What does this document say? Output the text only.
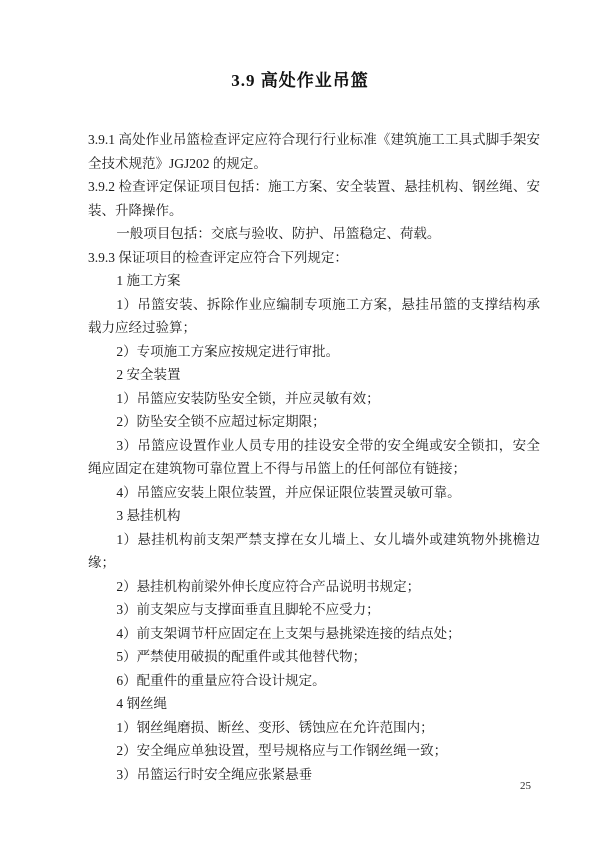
3.9 高处作业吊篮

3.9.1 高处作业吊篮检查评定应符合现行行业标准《建筑施工工具式脚手架安全技术规范》JGJ202 的规定。

3.9.2 检查评定保证项目包括：施工方案、安全装置、悬挂机构、钢丝绳、安装、升降操作。

一般项目包括：交底与验收、防护、吊篮稳定、荷载。

3.9.3 保证项目的检查评定应符合下列规定：

1 施工方案

1）吊篮安装、拆除作业应编制专项施工方案，悬挂吊篮的支撑结构承载力应经过验算；

2）专项施工方案应按规定进行审批。

2 安全装置

1）吊篮应安装防坠安全锁，并应灵敏有效；

2）防坠安全锁不应超过标定期限；

3）吊篮应设置作业人员专用的挂设安全带的安全绳或安全锁扣，安全绳应固定在建筑物可靠位置上不得与吊篮上的任何部位有链接；

4）吊篮应安装上限位装置，并应保证限位装置灵敏可靠。

3 悬挂机构

1）悬挂机构前支架严禁支撑在女儿墙上、女儿墙外或建筑物外挑檐边缘；

2）悬挂机构前梁外伸长度应符合产品说明书规定；

3）前支架应与支撑面垂直且脚轮不应受力；

4）前支架调节杆应固定在上支架与悬挑梁连接的结点处；

5）严禁使用破损的配重件或其他替代物；

6）配重件的重量应符合设计规定。

4 钢丝绳

1）钢丝绳磨损、断丝、变形、锈蚀应在允许范围内；

2）安全绳应单独设置，型号规格应与工作钢丝绳一致；

3）吊篮运行时安全绳应张紧悬垂

25
